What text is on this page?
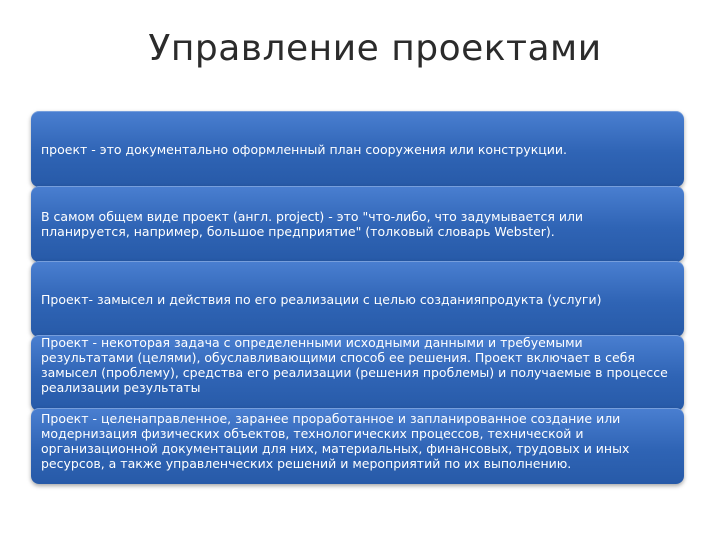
Управление проектами
проект - это документально оформленный план сооружения или конструкции.
В самом общем виде проект (англ. project) - это "что-либо, что задумывается или планируется, например, большое предприятие" (толковый словарь Webster).
Проект- замысел и действия по его реализации с целью созданияпродукта (услуги)
Проект - некоторая задача с определенными исходными данными и требуемыми результатами (целями), обуславливающими способ ее решения. Проект включает в себя замысел (проблему), средства его реализации (решения проблемы) и получаемые в процессе реализации результаты
Проект - целенаправленное, заранее проработанное и запланированное создание или модернизация физических объектов, технологических процессов, технической и организационной документации для них, материальных, финансовых, трудовых и иных ресурсов, а также управленческих решений и мероприятий по их выполнению.
